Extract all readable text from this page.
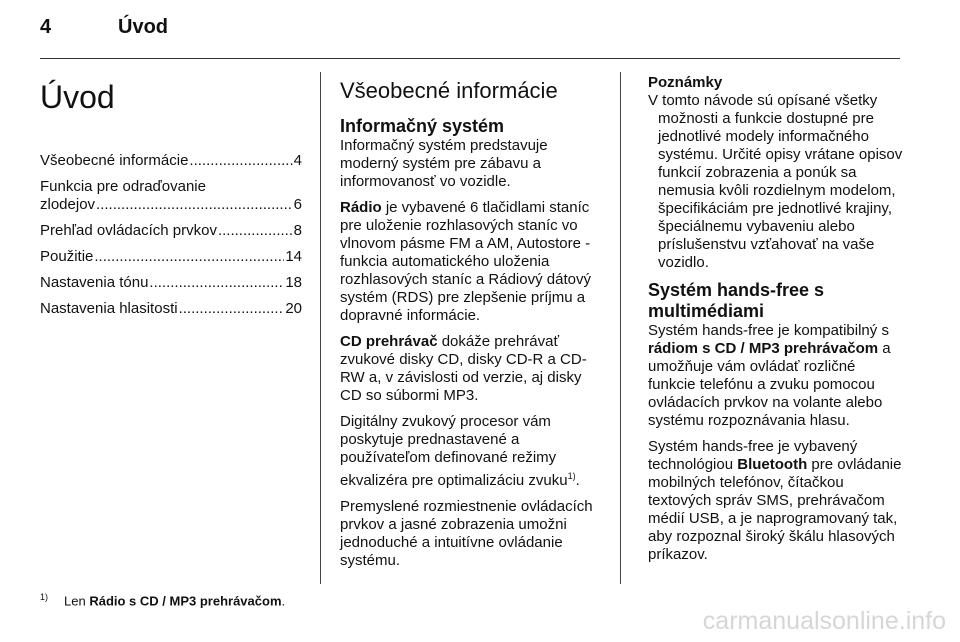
4	Úvod
Úvod
Všeobecné informácie .....	4
Funkcia pre odraďovanie
zlodejov .....	6
Prehľad ovládacích prvkov .....	8
Použitie .....	14
Nastavenia tónu .....	18
Nastavenia hlasitosti .....	20
Všeobecné informácie
Informačný systém

Informačný systém predstavuje moderný systém pre zábavu a informovanosť vo vozidle.

Rádio je vybavené 6 tlačidlami staníc pre uloženie rozhlasových staníc vo vlnovom pásme FM a AM, Autostore - funkcia automatického uloženia rozhlasových staníc a Rádiový dátový systém (RDS) pre zlepšenie príjmu a dopravné informácie.

CD prehrávač dokáže prehrávať zvukové disky CD, disky CD-R a CD-RW a, v závislosti od verzie, aj disky CD so súbormi MP3.

Digitálny zvukový procesor vám poskytuje prednastavené a používateľom definované režimy ekvalizéra pre optimalizáciu zvuku$^{1)}$.

Premyslené rozmiestnenie ovládacích prvkov a jasné zobrazenia umožni jednoduché a intuitívne ovládanie systému.

Poznámky
V tomto návode sú opísané všetky
možnosti a funkcie dostupné pre jednotlivé modely informačného systému. Určité opisy vrátane opisov funkcií zobrazenia a ponúk sa nemusia kvôli rozdielnym modelom, špecifikáciám pre jednotlivé krajiny, špeciálnemu vybaveniu alebo príslušenstvu vzťahovať na vaše vozidlo.
Systém hands-free s multimédiami

Systém hands-free je kompatibilný s rádiom s CD / MP3 prehrávačom a umožňuje vám ovládať rozličné funkcie telefónu a zvuku pomocou ovládacích prvkov na volante alebo systému rozpoznávania hlasu.

Systém hands-free je vybavený technológiou Bluetooth pre ovládanie mobilných telefónov, čítačkou textových správ SMS, prehrávačom médií USB, a je naprogramovaný tak, aby rozpoznal široký škálu hlasových príkazov.

$^{1)}$ Len Rádio s CD / MP3 prehrávačom.
carmanualsonline.info
